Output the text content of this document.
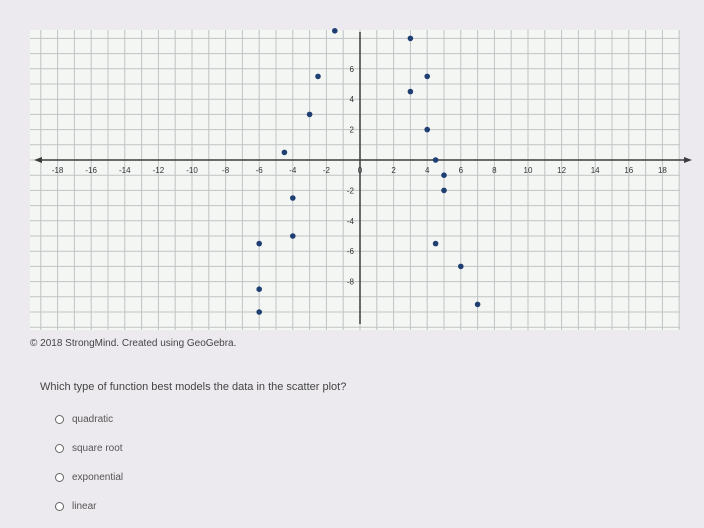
-18	-16	-14	-12	-10	-8	-6	-4	-2	0	2	4	6	8	10	12	14	16	18
6
4
2
-2
-4
-6
-8
© 2018 StrongMind. Created using GeoGebra.
Which type of function best models the data in the scatter plot?
quadratic
square root
exponential
linear
